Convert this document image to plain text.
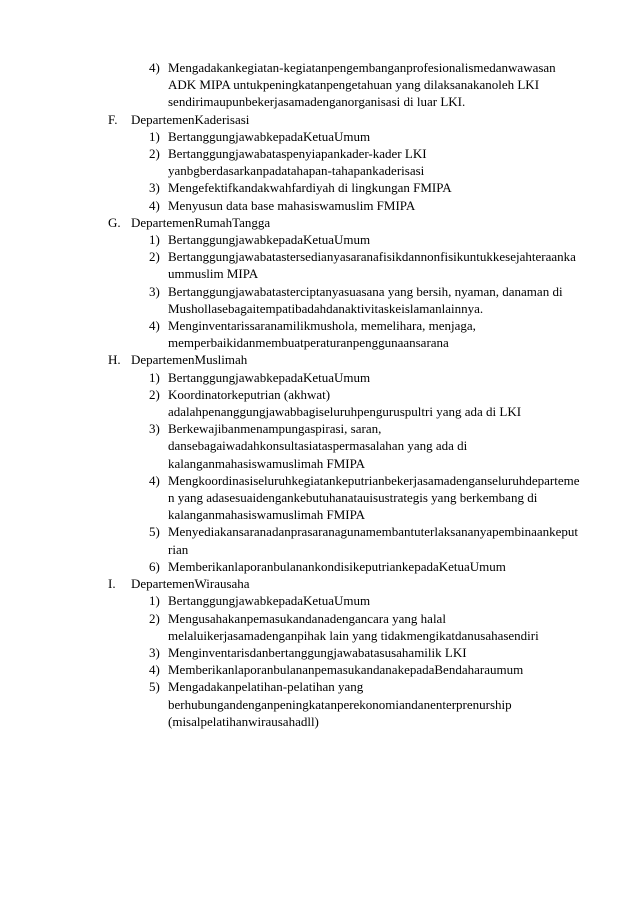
4) Mengadakankegiatan-kegiatanpengembanganprofesionalismedanwawasan
ADK MIPA untukpeningkatanpengetahuan yang dilaksanakanoleh LKI
sendirimaupunbekerjasamadenganorganisasi di luar LKI.
F. DepartemenKaderisasi
1) BertanggungjawabkepadaKetuaUmum
2) Bertanggungjawabataspenyiapankader-kader LKI
yanbgberdasarkanpadatahapan-tahapankaderisasi
3) Mengefektifkandakwahfardiyah di lingkungan FMIPA
4) Menyusun data base mahasiswamuslim FMIPA
G. DepartemenRumahTangga
1) BertanggungjawabkepadaKetuaUmum
2) Bertanggungjawabatastersedianyasaranafisikdannonfisikuntukkesejahteraanka
ummuslim MIPA
3) Bertanggungjawabatasterciptanyasuasana yang bersih, nyaman, danaman di
Mushollasebagaitempatibadahdanaktivitaskeislamanlainnya.
4) Menginventarissaranamilikmushola, memelihara, menjaga,
memperbaikidanmembuatperaturanpenggunaansarana
H. DepartemenMuslimah
1) BertanggungjawabkepadaKetuaUmum
2) Koordinatorkeputrian (akhwat)
adalahpenanggungjawabbagiseluruhpenguruspultri yang ada di LKI
3) Berkewajibanmenampungaspirasi, saran,
dansebagaiwadahkonsultasiataspermasalahan yang ada di
kalanganmahasiswamuslimah FMIPA
4) Mengkoordinasiseluruhkegiatankeputrianbekerjasamadenganseluruhdeparteme
n yang adasesuaidengankebutuhanatauisustrategis yang berkembang di
kalanganmahasiswamuslimah FMIPA
5) Menyediakansaranadanprasaranagunamembantuterlaksananyapembinaankeput
rian
6) MemberikanlaporanbulanankondisikeputriankepadaKetuaUmum
I. DepartemenWirausaha
1) BertanggungjawabkepadaKetuaUmum
2) Mengusahakanpemasukandanadengancara yang halal
melaluikerjasamadenganpihak lain yang tidakmengikatdanusahasendiri
3) Menginventarisdanbertanggungjawabatasusahamilik LKI
4) MemberikanlaporanbulananpemasukandanakepadaBendaharaumum
5) Mengadakanpelatihan-pelatihan yang
berhubungandenganpeningkatanperekonomiandanenterprenurship
(misalpelatihanwirausahadll)
